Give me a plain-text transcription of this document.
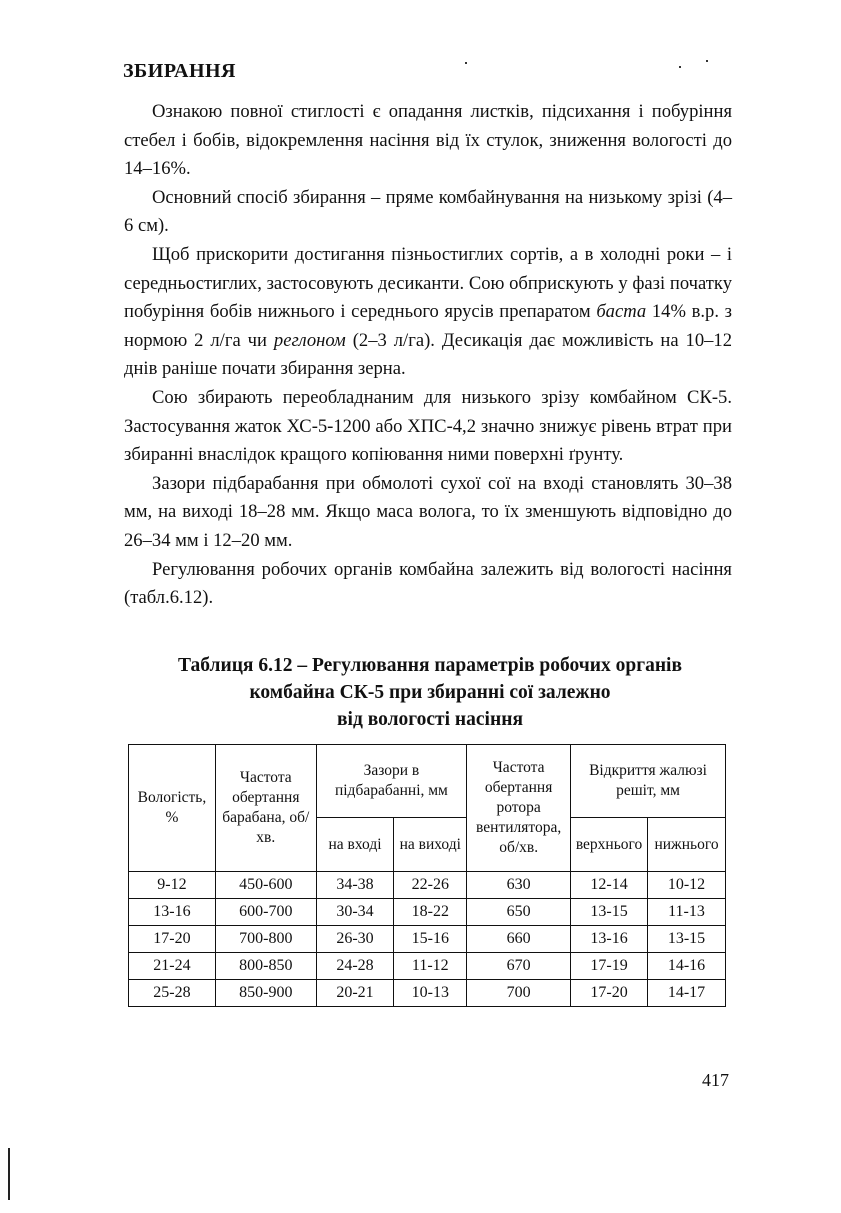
ЗБИРАННЯ

Ознакою повної стиглості є опадання листків, підсихання і побуріння стебел і бобів, відокремлення насіння від їх стулок, зниження вологості до 14–16%.

Основний спосіб збирання – пряме комбайнування на низькому зрізі (4–6 см).

Щоб прискорити достигання пізньостиглих сортів, а в холодні роки – і середньостиглих, застосовують десиканти. Сою обприскують у фазі початку побуріння бобів нижнього і середнього ярусів препаратом баста 14% в.р. з нормою 2 л/га чи реглоном (2–3 л/га). Десикація дає можливість на 10–12 днів раніше почати збирання зерна.

Сою збирають переобладнаним для низького зрізу комбайном СК-5. Застосування жаток ХС-5-1200 або ХПС-4,2 значно знижує рівень втрат при збиранні внаслідок кращого копіювання ними поверхні ґрунту.

Зазори підбарабання при обмолоті сухої сої на вході становлять 30–38 мм, на виході 18–28 мм. Якщо маса волога, то їх зменшують відповідно до 26–34 мм і 12–20 мм.

Регулювання робочих органів комбайна залежить від вологості насіння (табл.6.12).

Таблиця 6.12 – Регулювання параметрів робочих органів
комбайна СК-5 при збиранні сої залежно
від вологості насіння
Вологість, %	Частота обертання барабана, об/хв.	Зазори в підбарабанні, мм		Частота обертання ротора вентилятора, об/хв.	Відкриття жалюзі решіт, мм	
		на вході	на виході		верхнього	нижнього
9-12	450-600	34-38	22-26	630	12-14	10-12
13-16	600-700	30-34	18-22	650	13-15	11-13
17-20	700-800	26-30	15-16	660	13-16	13-15
21-24	800-850	24-28	11-12	670	17-19	14-16
25-28	850-900	20-21	10-13	700	17-20	14-17
417
